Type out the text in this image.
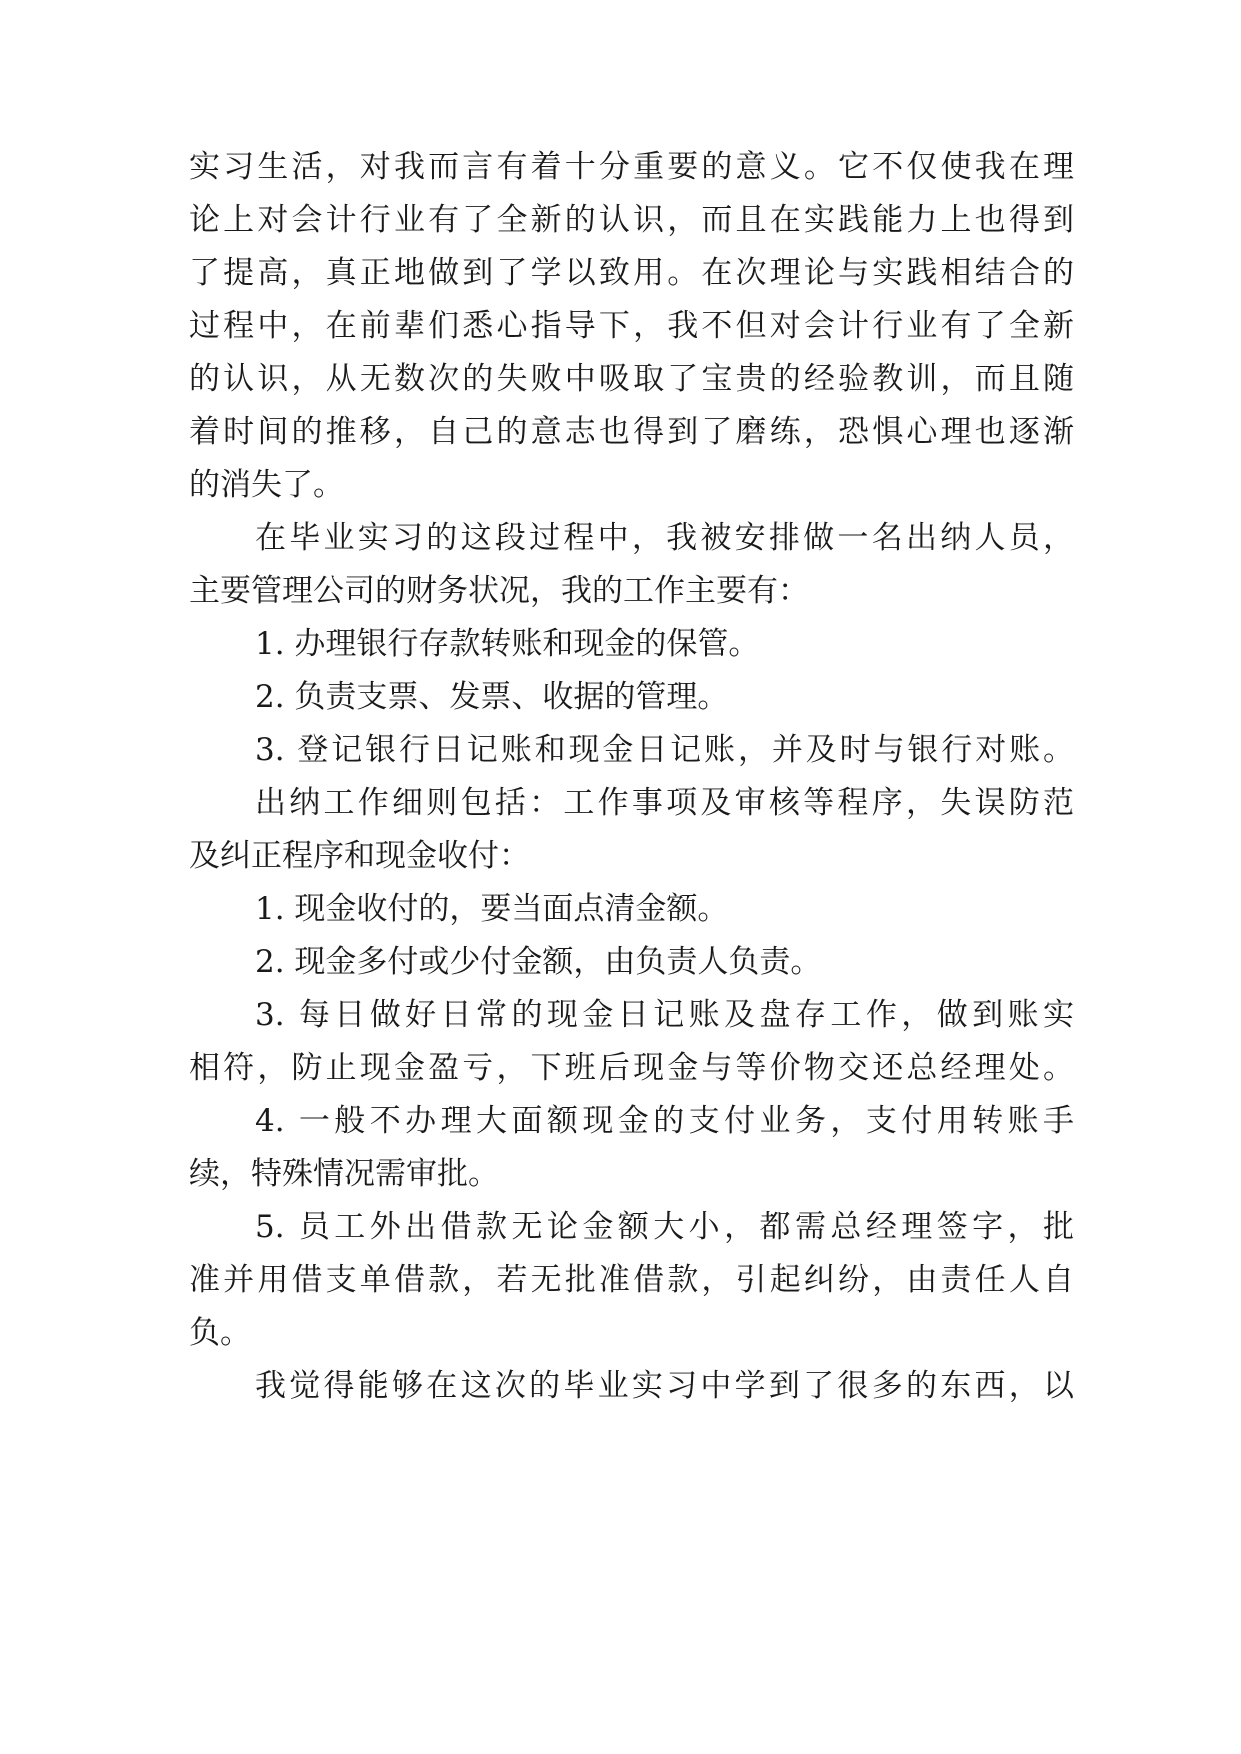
实习生活，对我而言有着十分重要的意义。它不仅使我在理
论上对会计行业有了全新的认识，而且在实践能力上也得到
了提高，真正地做到了学以致用。在次理论与实践相结合的
过程中，在前辈们悉心指导下，我不但对会计行业有了全新
的认识，从无数次的失败中吸取了宝贵的经验教训，而且随
着时间的推移，自己的意志也得到了磨练，恐惧心理也逐渐
的消失了。
在毕业实习的这段过程中，我被安排做一名出纳人员，
主要管理公司的财务状况，我的工作主要有：
1. 办理银行存款转账和现金的保管。
2. 负责支票、发票、收据的管理。
3. 登记银行日记账和现金日记账，并及时与银行对账。
出纳工作细则包括：工作事项及审核等程序，失误防范
及纠正程序和现金收付：
1. 现金收付的，要当面点清金额。
2. 现金多付或少付金额，由负责人负责。
3. 每日做好日常的现金日记账及盘存工作，做到账实
相符，防止现金盈亏，下班后现金与等价物交还总经理处。
4. 一般不办理大面额现金的支付业务，支付用转账手
续，特殊情况需审批。
5. 员工外出借款无论金额大小，都需总经理签字，批
准并用借支单借款，若无批准借款，引起纠纷，由责任人自
负。
我觉得能够在这次的毕业实习中学到了很多的东西，以
